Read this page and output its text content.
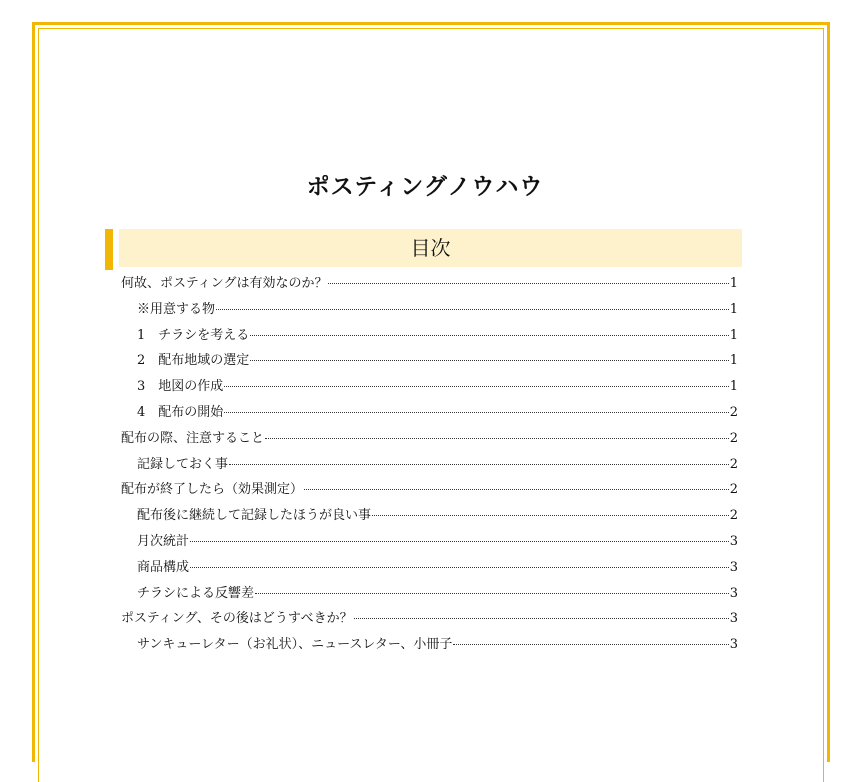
ポスティングノウハウ
目次
何故、ポスティングは有効なのか？	1
※用意する物	1
1　チラシを考える	1
2　配布地域の選定	1
3　地図の作成	1
4　配布の開始	2
配布の際、注意すること	2
記録しておく事	2
配布が終了したら（効果測定）	2
配布後に継続して記録したほうが良い事	2
月次統計	3
商品構成	3
チラシによる反響差	3
ポスティング、その後はどうすべきか？	3
サンキューレター（お礼状）、ニュースレター、小冊子	3
